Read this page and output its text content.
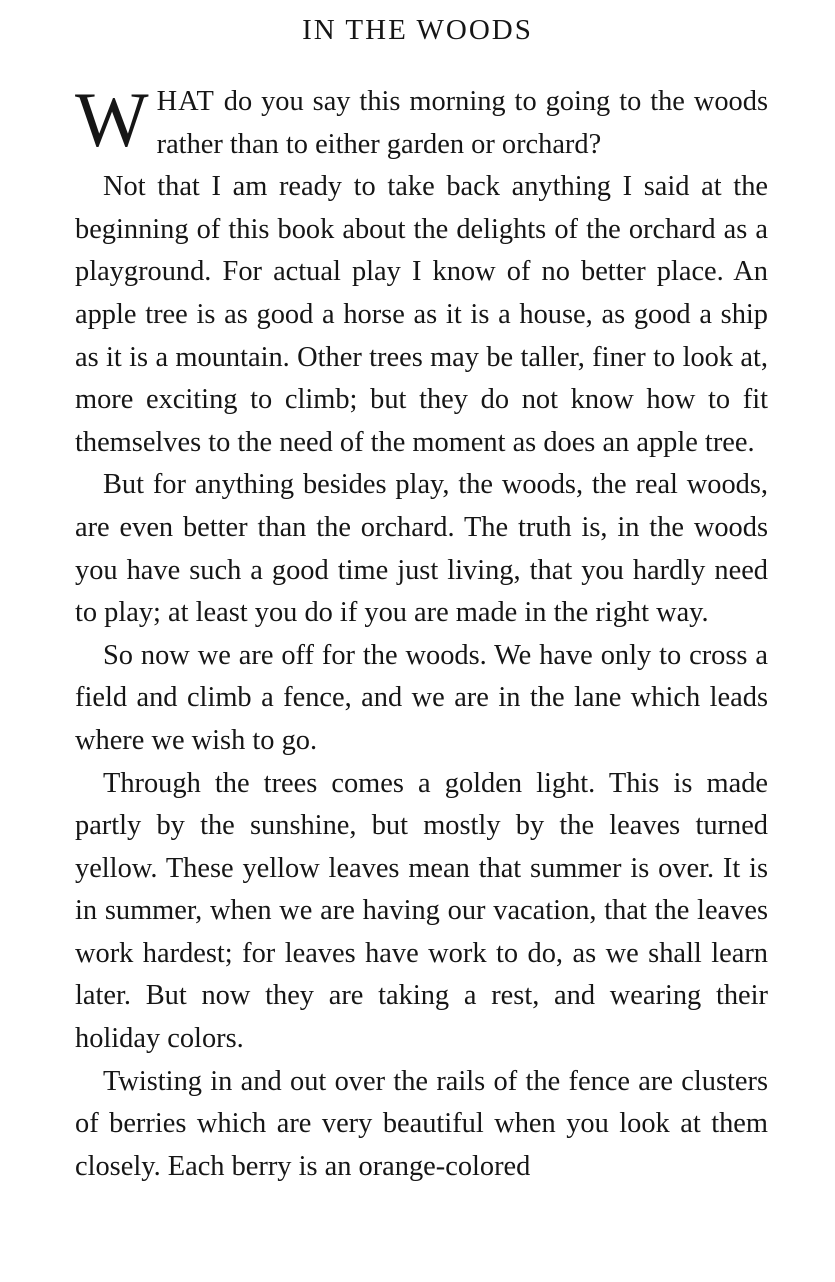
IN THE WOODS

WHAT do you say this morning to going to the woods rather than to either garden or orchard?

Not that I am ready to take back anything I said at the beginning of this book about the delights of the orchard as a playground. For actual play I know of no better place. An apple tree is as good a horse as it is a house, as good a ship as it is a mountain. Other trees may be taller, finer to look at, more exciting to climb; but they do not know how to fit themselves to the need of the moment as does an apple tree.

But for anything besides play, the woods, the real woods, are even better than the orchard. The truth is, in the woods you have such a good time just living, that you hardly need to play; at least you do if you are made in the right way.

So now we are off for the woods. We have only to cross a field and climb a fence, and we are in the lane which leads where we wish to go.

Through the trees comes a golden light. This is made partly by the sunshine, but mostly by the leaves turned yellow. These yellow leaves mean that summer is over. It is in summer, when we are having our vacation, that the leaves work hardest; for leaves have work to do, as we shall learn later. But now they are taking a rest, and wearing their holiday colors.

Twisting in and out over the rails of the fence are clusters of berries which are very beautiful when you look at them closely. Each berry is an orange-colored
